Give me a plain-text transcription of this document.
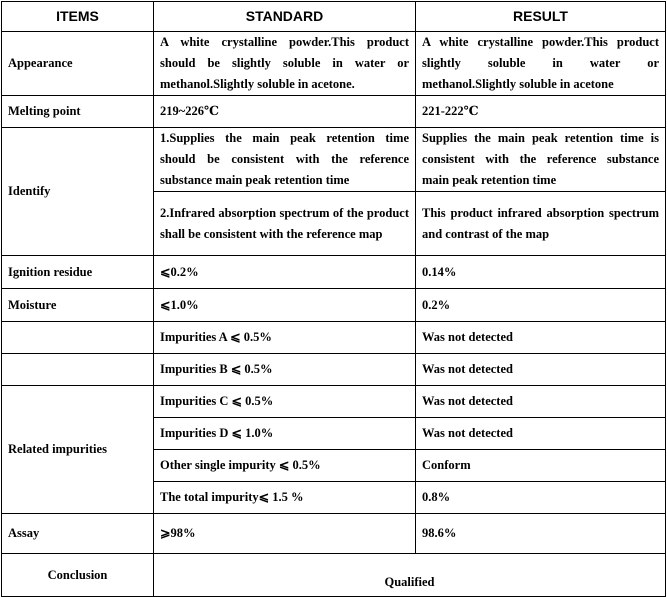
ITEMS	STANDARD	RESULT
Appearance	A white crystalline powder.This product should be slightly soluble in water or methanol.Slightly soluble in acetone.	A white crystalline powder.This product slightly soluble in water or methanol.Slightly soluble in acetone
Melting point	219~226℃	221-222℃
Identify	1.Supplies the main peak retention time should be consistent with the reference substance main peak retention time	Supplies the main peak retention time is consistent with the reference substance main peak retention time
	2.Infrared absorption spectrum of the product shall be consistent with the reference map	This product infrared absorption spectrum and contrast of the map
Ignition residue	⩽0.2%	0.14%
Moisture	⩽1.0%	0.2%
	Impurities A ⩽ 0.5%	Was not detected
	Impurities B ⩽ 0.5%	Was not detected
Related impurities	Impurities C ⩽ 0.5%	Was not detected
	Impurities D ⩽ 1.0%	Was not detected
	Other single impurity ⩽ 0.5%	Conform
	The total impurity⩽ 1.5 %	0.8%
Assay	⩾98%	98.6%
Conclusion	Qualified	
